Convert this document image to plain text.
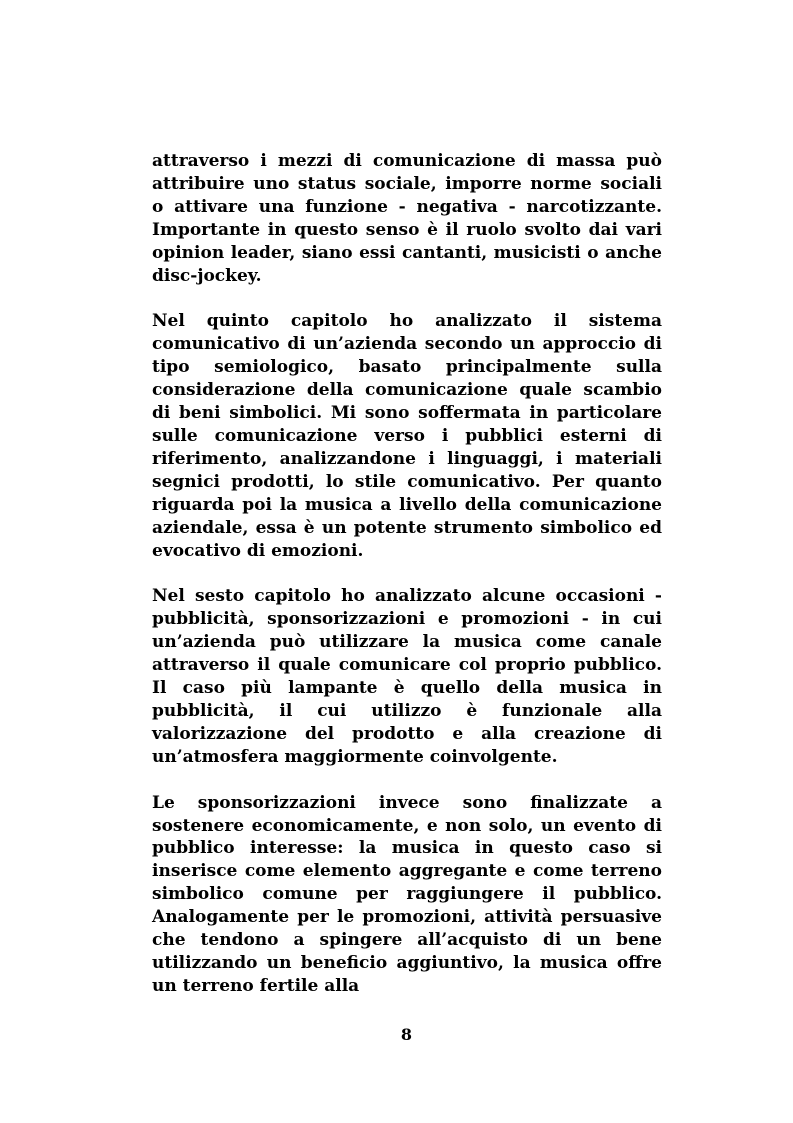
attraverso i mezzi di comunicazione di massa può attribuire uno status sociale, imporre norme sociali o attivare una funzione - negativa - narcotizzante. Importante in questo senso è il ruolo svolto dai vari opinion leader, siano essi cantanti, musicisti o anche disc-jockey.

Nel quinto capitolo ho analizzato il sistema comunicativo di un’azienda secondo un approccio di tipo semiologico, basato principalmente sulla considerazione della comunicazione quale scambio di beni simbolici. Mi sono soffermata in particolare sulle comunicazione verso i pubblici esterni di riferimento, analizzandone i linguaggi, i materiali segnici prodotti, lo stile comunicativo. Per quanto riguarda poi la musica a livello della comunicazione aziendale, essa è un potente strumento simbolico ed evocativo di emozioni.

Nel sesto capitolo ho analizzato alcune occasioni - pubblicità, sponsorizzazioni e promozioni - in cui un’azienda può utilizzare la musica come canale attraverso il quale comunicare col proprio pubblico. Il caso più lampante è quello della musica in pubblicità, il cui utilizzo è funzionale alla valorizzazione del prodotto e alla creazione di un’atmosfera maggiormente coinvolgente.

Le sponsorizzazioni invece sono finalizzate a sostenere economicamente, e non solo, un evento di pubblico interesse: la musica in questo caso si inserisce come elemento aggregante e come terreno simbolico comune per raggiungere il pubblico. Analogamente per le promozioni, attività persuasive che tendono a spingere all’acquisto di un bene utilizzando un beneficio aggiuntivo, la musica offre un terreno fertile alla

8
